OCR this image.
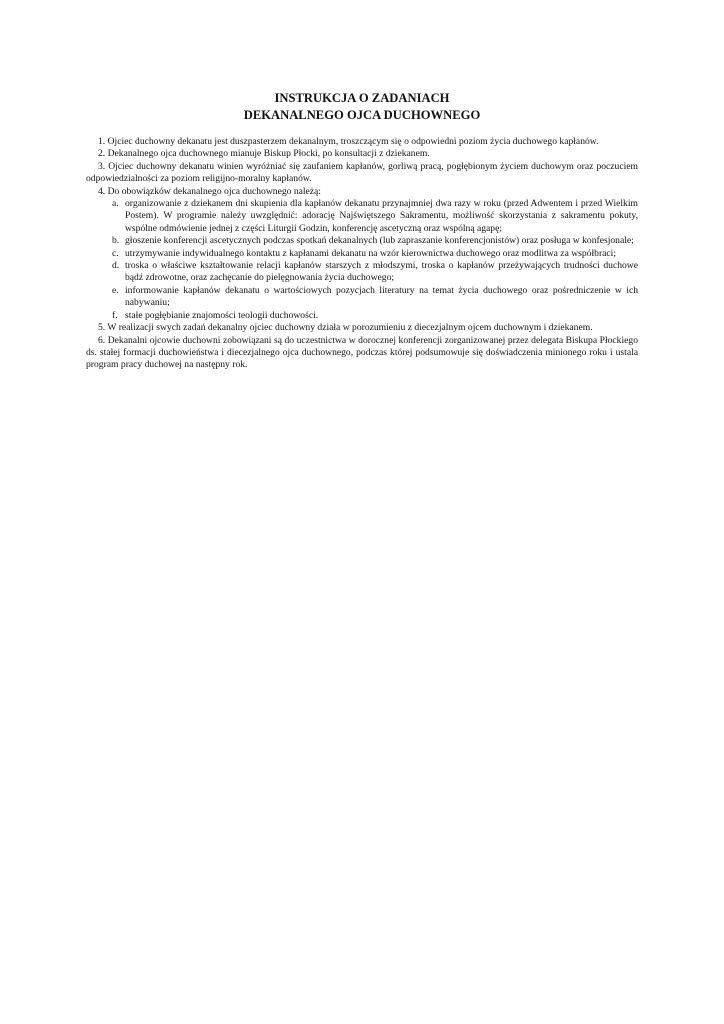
INSTRUKCJA O ZADANIACH

DEKANALNEGO OJCA DUCHOWNEGO

1. Ojciec duchowny dekanatu jest duszpasterzem dekanalnym, troszczącym się o odpowiedni poziom życia duchowego kapłanów.

2. Dekanalnego ojca duchownego mianuje Biskup Płocki, po konsultacji z dziekanem.

3. Ojciec duchowny dekanatu winien wyróżniać się zaufaniem kapłanów, gorliwą pracą, pogłębionym życiem duchowym oraz poczuciem odpowiedzialności za poziom religijno-moralny kapłanów.

4. Do obowiązków dekanalnego ojca duchownego należą:

a. organizowanie z dziekanem dni skupienia dla kapłanów dekanatu przynajmniej dwa razy w roku (przed Adwentem i przed Wielkim Postem). W programie należy uwzględnić: adorację Najświętszego Sakramentu, możliwość skorzystania z sakramentu pokuty, wspólne odmówienie jednej z części Liturgii Godzin, konferencję ascetyczną oraz wspólną agapę;
b. głoszenie konferencji ascetycznych podczas spotkań dekanalnych (lub zapraszanie konferencjonistów) oraz posługa w konfesjonale;
c. utrzymywanie indywidualnego kontaktu z kapłanami dekanatu na wzór kierownictwa duchowego oraz modlitwa za współbraci;
d. troska o właściwe kształtowanie relacji kapłanów starszych z młodszymi, troska o kapłanów przeżywających trudności duchowe bądź zdrowotne, oraz zachęcanie do pielęgnowania życia duchowego;
e. informowanie kapłanów dekanatu o wartościowych pozycjach literatury na temat życia duchowego oraz pośredniczenie w ich nabywaniu;
f. stałe pogłębianie znajomości teologii duchowości.

5. W realizacji swych zadań dekanalny ojciec duchowny działa w porozumieniu z diecezjalnym ojcem duchownym i dziekanem.

6. Dekanalni ojcowie duchowni zobowiązani są do uczestnictwa w dorocznej konferencji zorganizowanej przez delegata Biskupa Płockiego ds. stałej formacji duchowieństwa i diecezjalnego ojca duchownego, podczas której podsumowuje się doświadczenia minionego roku i ustala program pracy duchowej na następny rok.
